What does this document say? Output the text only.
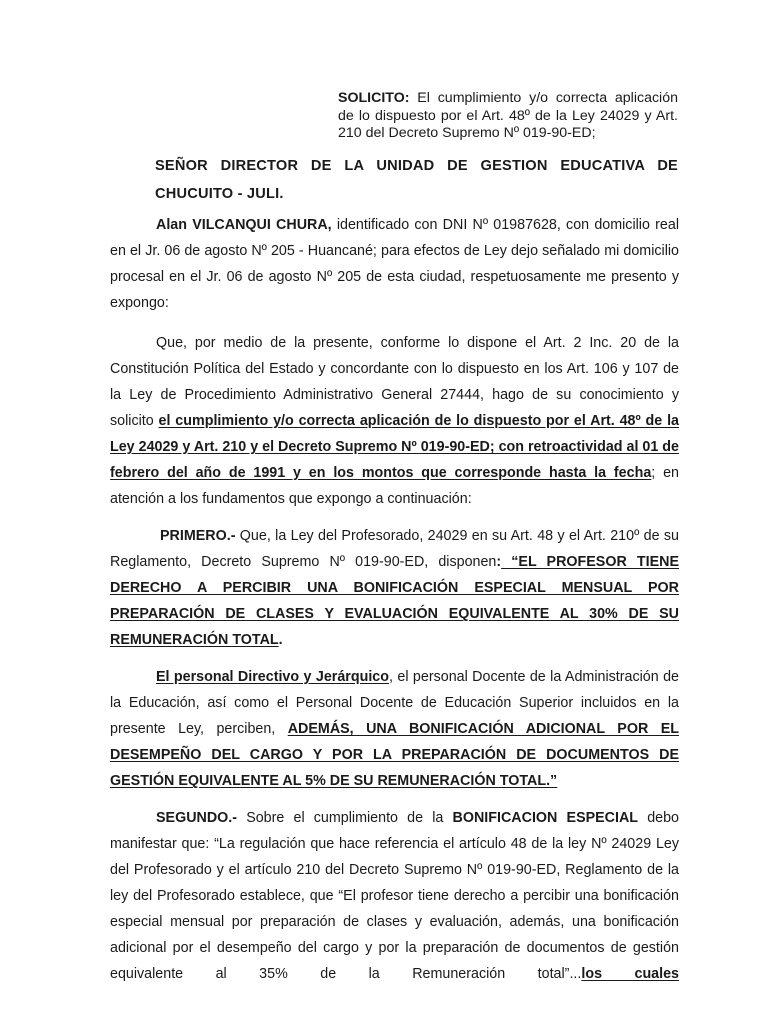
SOLICITO: El cumplimiento y/o correcta aplicación de lo dispuesto por el Art. 48º de la Ley 24029 y Art. 210 del Decreto Supremo Nº 019-90-ED;
SEÑOR DIRECTOR DE LA UNIDAD DE GESTION EDUCATIVA DE CHUCUITO - JULI.
Alan VILCANQUI CHURA, identificado con DNI Nº 01987628, con domicilio real en el Jr. 06 de agosto Nº 205 - Huancané; para efectos de Ley dejo señalado mi domicilio procesal en el Jr. 06 de agosto Nº 205 de esta ciudad, respetuosamente me presento y expongo:
Que, por medio de la presente, conforme lo dispone el Art. 2 Inc. 20 de la Constitución Política del Estado y concordante con lo dispuesto en los Art. 106 y 107 de la Ley de Procedimiento Administrativo General 27444, hago de su conocimiento y solicito el cumplimiento y/o correcta aplicación de lo dispuesto por el Art. 48º de la Ley 24029 y Art. 210 y el Decreto Supremo Nº 019-90-ED; con retroactividad al 01 de febrero del año de 1991 y en los montos que corresponde hasta la fecha; en atención a los fundamentos que expongo a continuación:
PRIMERO.- Que, la Ley del Profesorado, 24029 en su Art. 48 y el Art. 210º de su Reglamento, Decreto Supremo Nº 019-90-ED, disponen: “EL PROFESOR TIENE DERECHO A PERCIBIR UNA BONIFICACIÓN ESPECIAL MENSUAL POR PREPARACIÓN DE CLASES Y EVALUACIÓN EQUIVALENTE AL 30% DE SU REMUNERACIÓN TOTAL.
El personal Directivo y Jerárquico, el personal Docente de la Administración de la Educación, así como el Personal Docente de Educación Superior incluidos en la presente Ley, perciben, ADEMÁS, UNA BONIFICACIÓN ADICIONAL POR EL DESEMPEÑO DEL CARGO Y POR LA PREPARACIÓN DE DOCUMENTOS DE GESTIÓN EQUIVALENTE AL 5% DE SU REMUNERACIÓN TOTAL.”
SEGUNDO.- Sobre el cumplimiento de la BONIFICACION ESPECIAL debo manifestar que: “La regulación que hace referencia el artículo 48 de la ley Nº 24029 Ley del Profesorado y el artículo 210 del Decreto Supremo Nº 019-90-ED, Reglamento de la ley del Profesorado establece, que “El profesor tiene derecho a percibir una bonificación especial mensual por preparación de clases y evaluación, además, una bonificación adicional por el desempeño del cargo y por la preparación de documentos de gestión equivalente al 35% de la Remuneración total”...los cuales
